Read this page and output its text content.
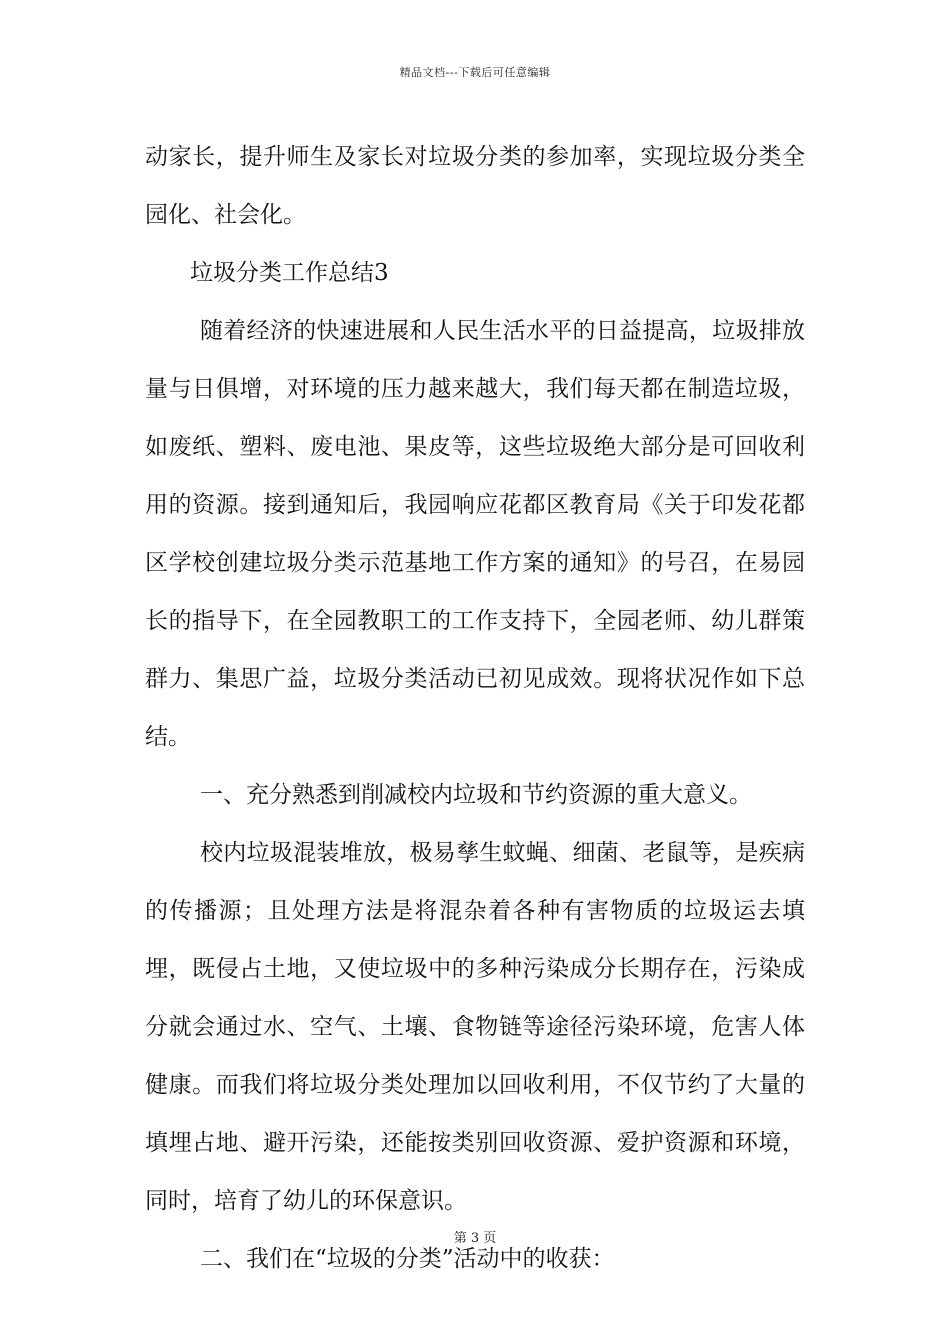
精品文档---下载后可任意编辑

动家长，提升师生及家长对垃圾分类的参加率，实现垃圾分类全园化、社会化。

垃圾分类工作总结3

随着经济的快速进展和人民生活水平的日益提高，垃圾排放量与日俱增，对环境的压力越来越大，我们每天都在制造垃圾，如废纸、塑料、废电池、果皮等，这些垃圾绝大部分是可回收利用的资源。接到通知后，我园响应花都区教育局《关于印发花都区学校创建垃圾分类示范基地工作方案的通知》的号召，在易园长的指导下，在全园教职工的工作支持下，全园老师、幼儿群策群力、集思广益，垃圾分类活动已初见成效。现将状况作如下总结。

一、充分熟悉到削减校内垃圾和节约资源的重大意义。

校内垃圾混装堆放，极易孳生蚊蝇、细菌、老鼠等，是疾病的传播源；且处理方法是将混杂着各种有害物质的垃圾运去填埋，既侵占土地，又使垃圾中的多种污染成分长期存在，污染成分就会通过水、空气、土壤、食物链等途径污染环境，危害人体健康。而我们将垃圾分类处理加以回收利用，不仅节约了大量的填埋占地、避开污染，还能按类别回收资源、爱护资源和环境，同时，培育了幼儿的环保意识。

二、我们在“垃圾的分类”活动中的收获：

第 3 页
